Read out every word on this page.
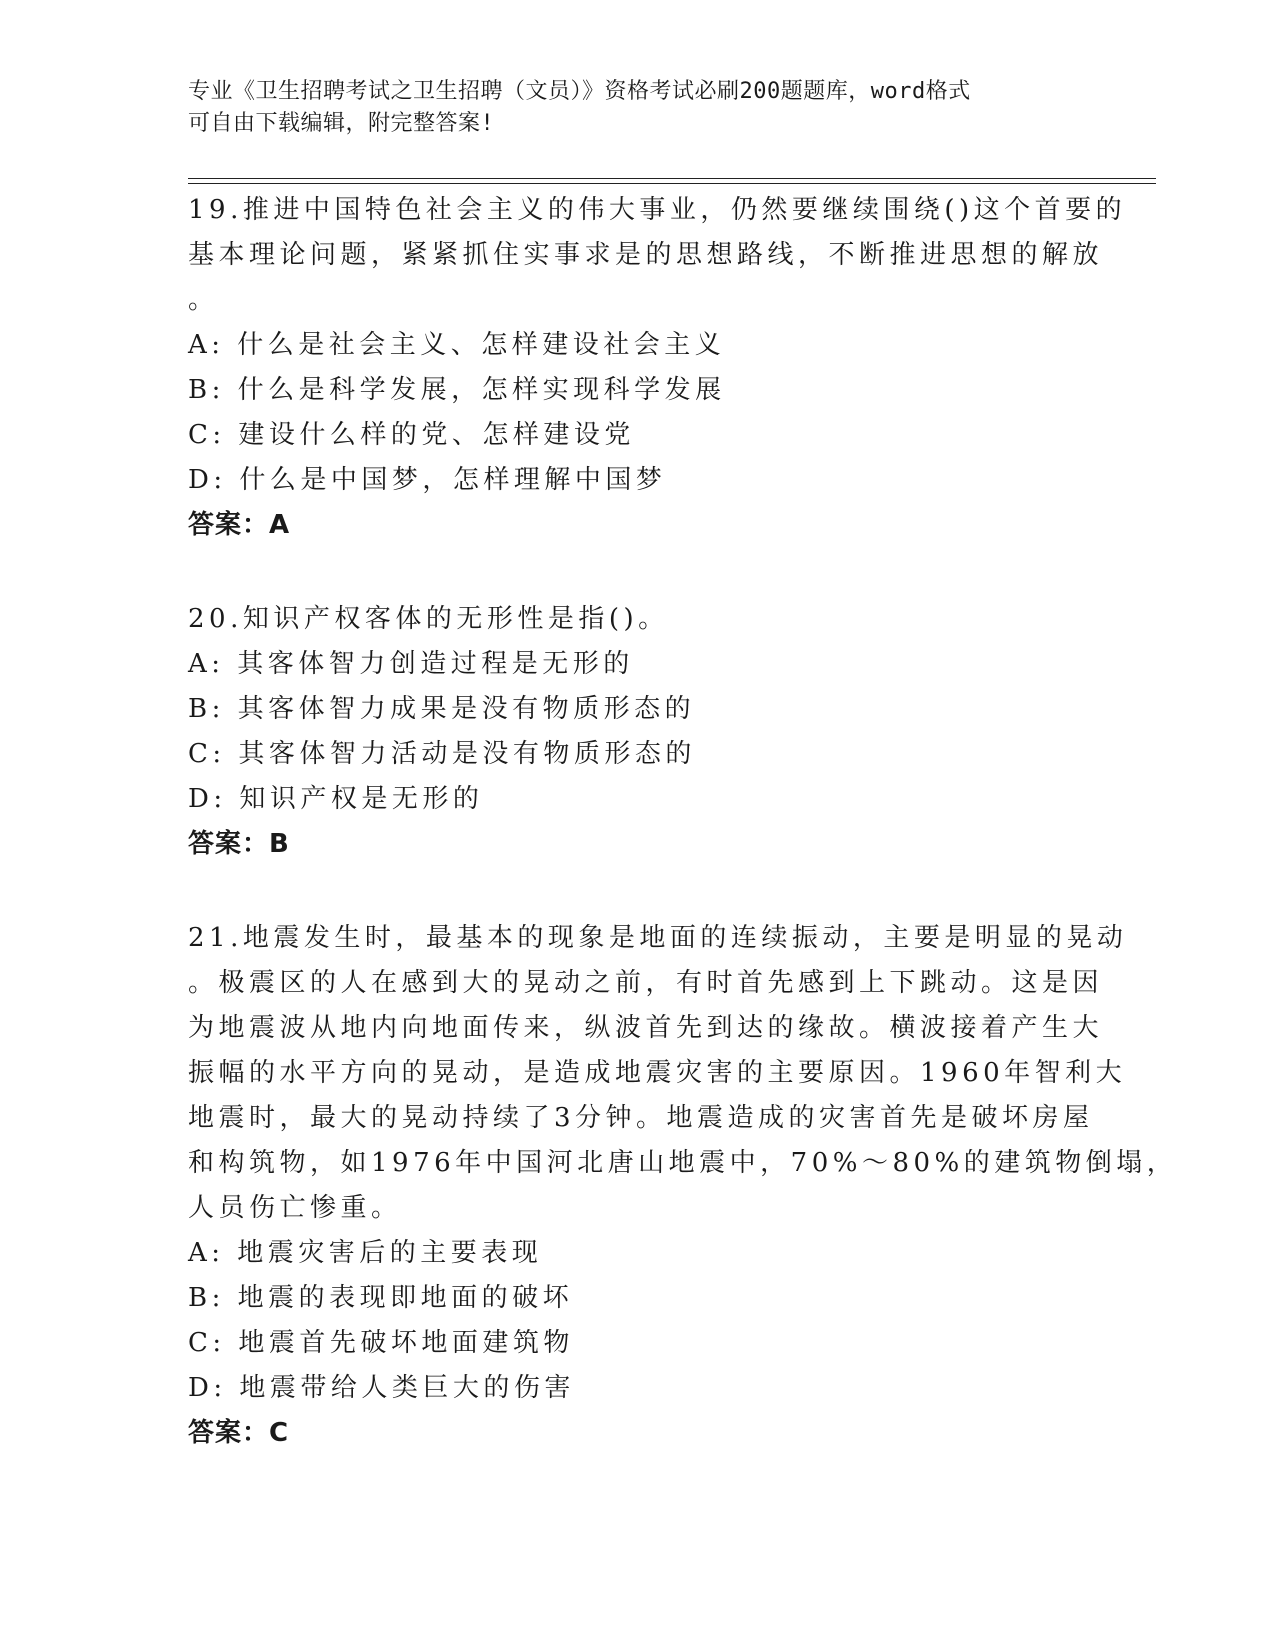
专业《卫生招聘考试之卫生招聘（文员）》资格考试必刷200题题库，word格式
可自由下载编辑，附完整答案!
19.推进中国特色社会主义的伟大事业，仍然要继续围绕()这个首要的
基本理论问题，紧紧抓住实事求是的思想路线，不断推进思想的解放
。
A: 什么是社会主义、怎样建设社会主义
B: 什么是科学发展，怎样实现科学发展
C: 建设什么样的党、怎样建设党
D: 什么是中国梦，怎样理解中国梦
答案：A
20.知识产权客体的无形性是指()。
A: 其客体智力创造过程是无形的
B: 其客体智力成果是没有物质形态的
C: 其客体智力活动是没有物质形态的
D: 知识产权是无形的
答案：B
21.地震发生时，最基本的现象是地面的连续振动，主要是明显的晃动
。极震区的人在感到大的晃动之前，有时首先感到上下跳动。这是因
为地震波从地内向地面传来，纵波首先到达的缘故。横波接着产生大
振幅的水平方向的晃动，是造成地震灾害的主要原因。1960年智利大
地震时，最大的晃动持续了3分钟。地震造成的灾害首先是破坏房屋
和构筑物，如1976年中国河北唐山地震中，70%～80%的建筑物倒塌，
人员伤亡惨重。
A: 地震灾害后的主要表现
B: 地震的表现即地面的破坏
C: 地震首先破坏地面建筑物
D: 地震带给人类巨大的伤害
答案：C
